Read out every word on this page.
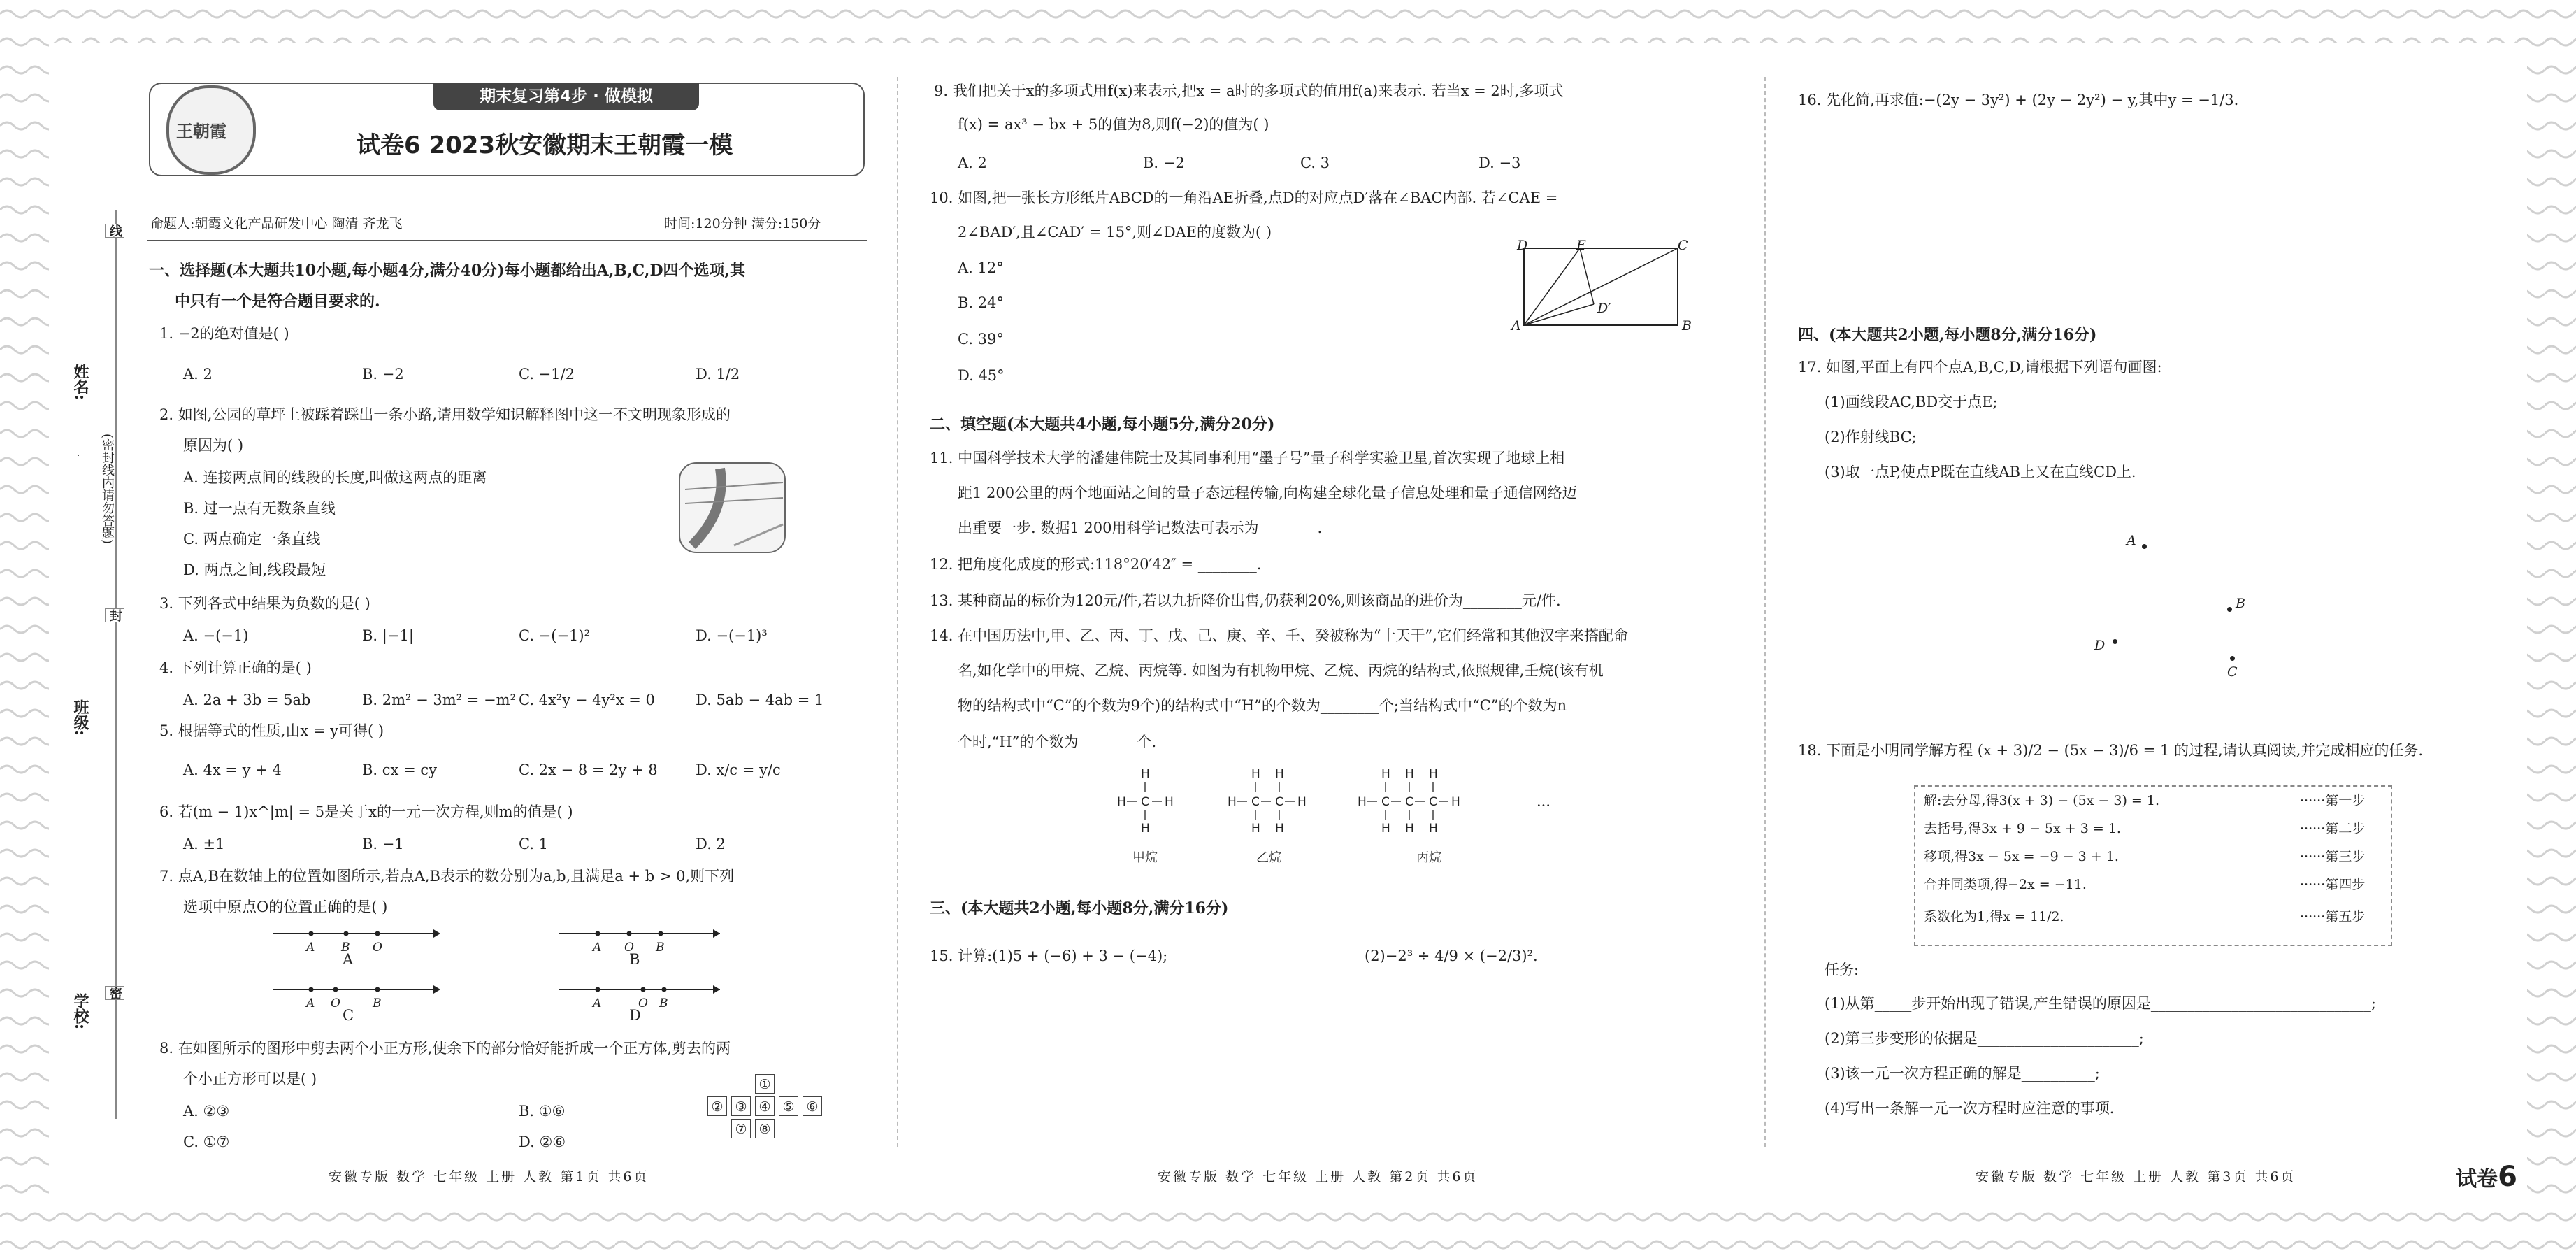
姓名:
班级:
学校:
(密封线内请勿答题)
线
封
密
期末复习第4步 · 做模拟
王朝霞
试卷6 2023秋安徽期末王朝霞一模
命题人:朝霞文化产品研发中心 陶清 齐龙飞	时间:120分钟 满分:150分
一、选择题(本大题共10小题,每小题4分,满分40分)每小题都给出A,B,C,D四个选项,其
中只有一个是符合题目要求的.
1. −2的绝对值是( )
A. 2	B. −2	C. −1/2	D. 1/2
2. 如图,公园的草坪上被踩着踩出一条小路,请用数学知识解释图中这一不文明现象形成的
原因为( )
A. 连接两点间的线段的长度,叫做这两点的距离
B. 过一点有无数条直线
C. 两点确定一条直线
D. 两点之间,线段最短
3. 下列各式中结果为负数的是( )
A. −(−1)	B. |−1|	C. −(−1)²	D. −(−1)³
4. 下列计算正确的是( )
A. 2a + 3b = 5ab	B. 2m² − 3m² = −m² C. 4x²y − 4y²x = 0	D. 5ab − 4ab = 1
5. 根据等式的性质,由x = y可得( )
A. 4x = y + 4	B. cx = cy	C. 2x − 8 = 2y + 8	D. x/c = y/c
6. 若(m − 1)x^|m| = 5是关于x的一元一次方程,则m的值是( )
A. ±1	B. −1	C. 1	D. 2
7. 点A,B在数轴上的位置如图所示,若点A,B表示的数分别为a,b,且满足a + b > 0,则下列
选项中原点O的位置正确的是( )
A B O	A O B
A O	B	A	O B
A	B
C	D
8. 在如图所示的图形中剪去两个小正方形,使余下的部分恰好能折成一个正方体,剪去的两
个小正方形可以是( )
A. ②③	B. ①⑥
C. ①⑦	D. ②⑥
①
② ③ ④ ⑤ ⑥
⑦ ⑧
安徽专版 数学 七年级 上册 人教 第1页 共6页
9. 我们把关于x的多项式用f(x)来表示,把x = a时的多项式的值用f(a)来表示. 若当x = 2时,多项式
f(x) = ax³ − bx + 5的值为8,则f(−2)的值为( )
A. 2	B. −2	C. 3	D. −3
10. 如图,把一张长方形纸片ABCD的一角沿AE折叠,点D的对应点D′落在∠BAC内部. 若∠CAE =
2∠BAD′,且∠CAD′ = 15°,则∠DAE的度数为( )
A. 12°
B. 24°
C. 39°
D. 45°
D	E	C
D′
A	B
二、填空题(本大题共4小题,每小题5分,满分20分)
11. 中国科学技术大学的潘建伟院士及其同事利用“墨子号”量子科学实验卫星,首次实现了地球上相
距1 200公里的两个地面站之间的量子态远程传输,向构建全球化量子信息处理和量子通信网络迈
出重要一步. 数据1 200用科学记数法可表示为________.
12. 把角度化成度的形式:118°20′42″ = ________.
13. 某种商品的标价为120元/件,若以九折降价出售,仍获利20%,则该商品的进价为________元/件.
14. 在中国历法中,甲、乙、丙、丁、戊、己、庚、辛、壬、癸被称为“十天干”,它们经常和其他汉字来搭配命
名,如化学中的甲烷、乙烷、丙烷等. 如图为有机物甲烷、乙烷、丙烷的结构式,依照规律,壬烷(该有机
物的结构式中“C”的个数为9个)的结构式中“H”的个数为________个;当结构式中“C”的个数为n
个时,“H”的个数为________个.
H
H C H
H
H H
H C C H
H H
H H H
H C C C H
H H H
甲烷	乙烷	丙烷
···
三、(本大题共2小题,每小题8分,满分16分)
15. 计算:(1)5 + (−6) + 3 − (−4);	(2)−2³ ÷ 4/9 × (−2/3)².
安徽专版 数学 七年级 上册 人教 第2页 共6页
16. 先化简,再求值:−(2y − 3y²) + (2y − 2y²) − y,其中y = −1/3.
四、(本大题共2小题,每小题8分,满分16分)
17. 如图,平面上有四个点A,B,C,D,请根据下列语句画图:
(1)画线段AC,BD交于点E;
(2)作射线BC;
(3)取一点P,使点P既在直线AB上又在直线CD上.
A
B
D
C
18. 下面是小明同学解方程 (x + 3)/2 − (5x − 3)/6 = 1 的过程,请认真阅读,并完成相应的任务.
解:去分母,得3(x + 3) − (5x − 3) = 1.	······第一步
去括号,得3x + 9 − 5x + 3 = 1.	······第二步
移项,得3x − 5x = −9 − 3 + 1.	······第三步
合并同类项,得−2x = −11.	······第四步
系数化为1,得x = 11/2.	······第五步
任务:
(1)从第_____步开始出现了错误,产生错误的原因是______________________________;
(2)第三步变形的依据是______________________;
(3)该一元一次方程正确的解是__________;
(4)写出一条解一元一次方程时应注意的事项.
安徽专版 数学 七年级 上册 人教 第3页 共6页	试卷6
